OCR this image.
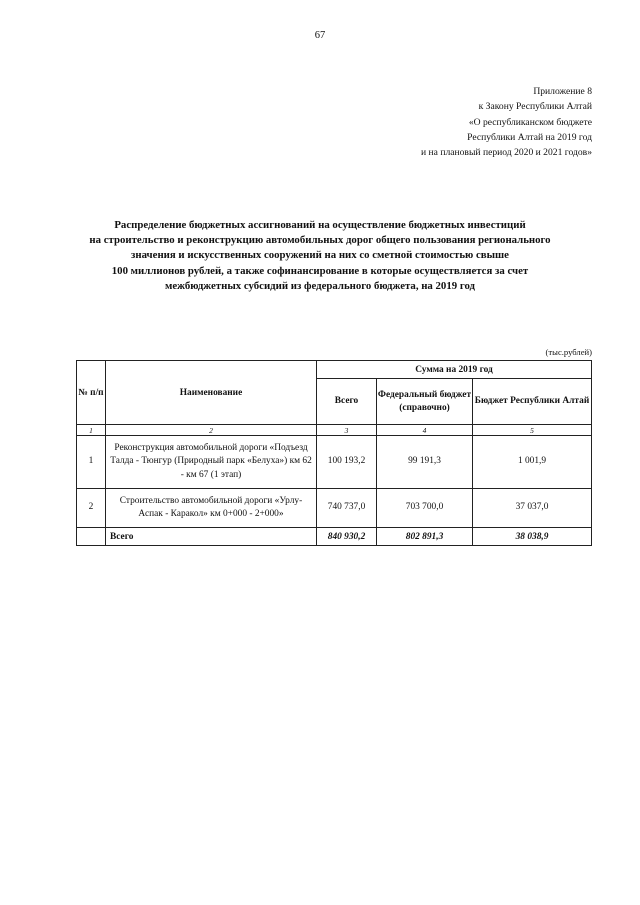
67
Приложение 8
к Закону Республики Алтай
«О республиканском бюджете
Республики Алтай на 2019 год
и на плановый период 2020 и 2021 годов»
Распределение бюджетных ассигнований на осуществление бюджетных инвестиций
на строительство и реконструкцию автомобильных дорог общего пользования регионального
значения и искусственных сооружений на них со сметной стоимостью свыше
100 миллионов рублей, а также софинансирование в которые осуществляется за счет
межбюджетных субсидий из федерального бюджета, на 2019 год
(тыс.рублей)
№ п/п	Наименование	Сумма на 2019 год		
		Всего	Федеральный бюджет (справочно)	Бюджет Республики Алтай
1	2	3	4	5
1	Реконструкция автомобильной дороги «Подъезд Талда - Тюнгур (Природный парк «Белуха») км 62 - км 67 (1 этап)	100 193,2	99 191,3	1 001,9
2	Строительство автомобильной дороги «Урлу-Аспак - Каракол» км 0+000 - 2+000»	740 737,0	703 700,0	37 037,0
	Всего	840 930,2	802 891,3	38 038,9
